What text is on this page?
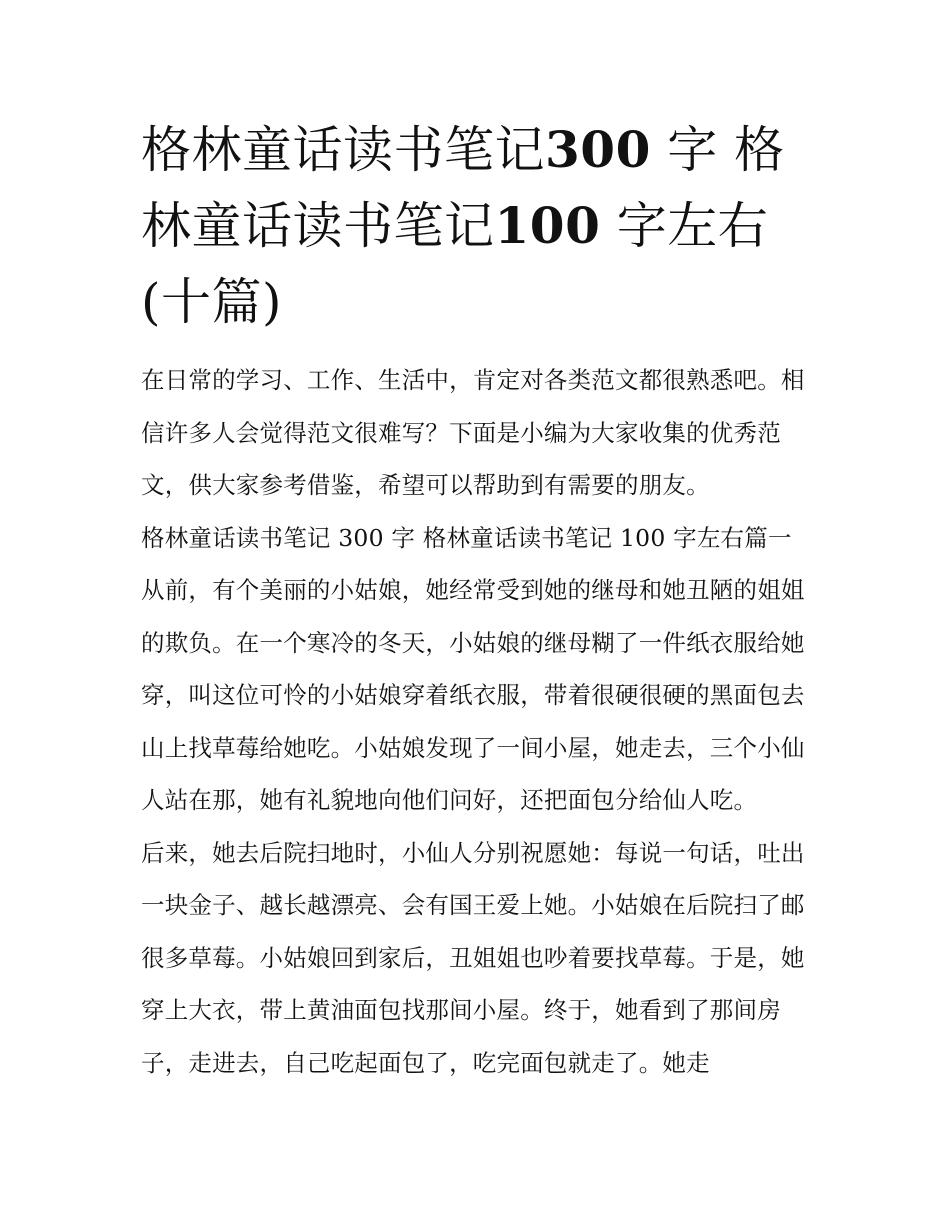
格林童话读书笔记300 字 格林童话读书笔记100 字左右(十篇)

在日常的学习、工作、生活中，肯定对各类范文都很熟悉吧。相信许多人会觉得范文很难写？下面是小编为大家收集的优秀范文，供大家参考借鉴，希望可以帮助到有需要的朋友。

格林童话读书笔记 300 字 格林童话读书笔记 100 字左右篇一

从前，有个美丽的小姑娘，她经常受到她的继母和她丑陋的姐姐的欺负。在一个寒冷的冬天，小姑娘的继母糊了一件纸衣服给她穿，叫这位可怜的小姑娘穿着纸衣服，带着很硬很硬的黑面包去山上找草莓给她吃。小姑娘发现了一间小屋，她走去，三个小仙人站在那，她有礼貌地向他们问好，还把面包分给仙人吃。

后来，她去后院扫地时，小仙人分别祝愿她：每说一句话，吐出一块金子、越长越漂亮、会有国王爱上她。小姑娘在后院扫了邮很多草莓。小姑娘回到家后，丑姐姐也吵着要找草莓。于是，她穿上大衣，带上黄油面包找那间小屋。终于，她看到了那间房子，走进去，自己吃起面包了，吃完面包就走了。她走
